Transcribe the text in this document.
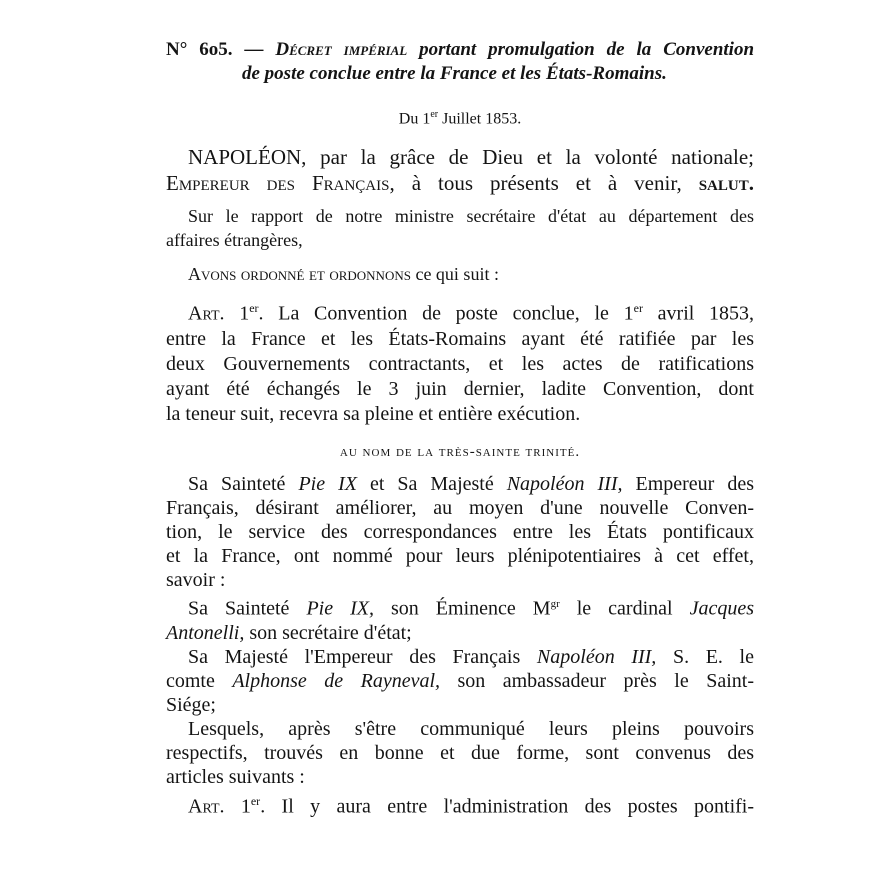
N° 6o5. — Décret impérial portant promulgation de la Convention
de poste conclue entre la France et les États-Romains.
Du 1er Juillet 1853.
NAPOLÉON, par la grâce de Dieu et la volonté nationale;
Empereur des Français, à tous présents et à venir, salut.
Sur le rapport de notre ministre secrétaire d'état au département des
affaires étrangères,
Avons ordonné et ordonnons ce qui suit :
Art. 1er. La Convention de poste conclue, le 1er avril 1853,
entre la France et les États-Romains ayant été ratifiée par les
deux Gouvernements contractants, et les actes de ratifications
ayant été échangés le 3 juin dernier, ladite Convention, dont
la teneur suit, recevra sa pleine et entière exécution.
au nom de la très-sainte trinité.
Sa Sainteté Pie IX et Sa Majesté Napoléon III, Empereur des
Français, désirant améliorer, au moyen d'une nouvelle Conven-
tion, le service des correspondances entre les États pontificaux
et la France, ont nommé pour leurs plénipotentiaires à cet effet,
savoir :
Sa Sainteté Pie IX, son Éminence $M^{gr}$ le cardinal Jacques
Antonelli, son secrétaire d'état;
Sa Majesté l'Empereur des Français Napoléon III, S. E. le
comte Alphonse de Rayneval, son ambassadeur près le Saint-
Siége;
Lesquels, après s'être communiqué leurs pleins pouvoirs
respectifs, trouvés en bonne et due forme, sont convenus des
articles suivants :
Art. 1er. Il y aura entre l'administration des postes pontifi-
